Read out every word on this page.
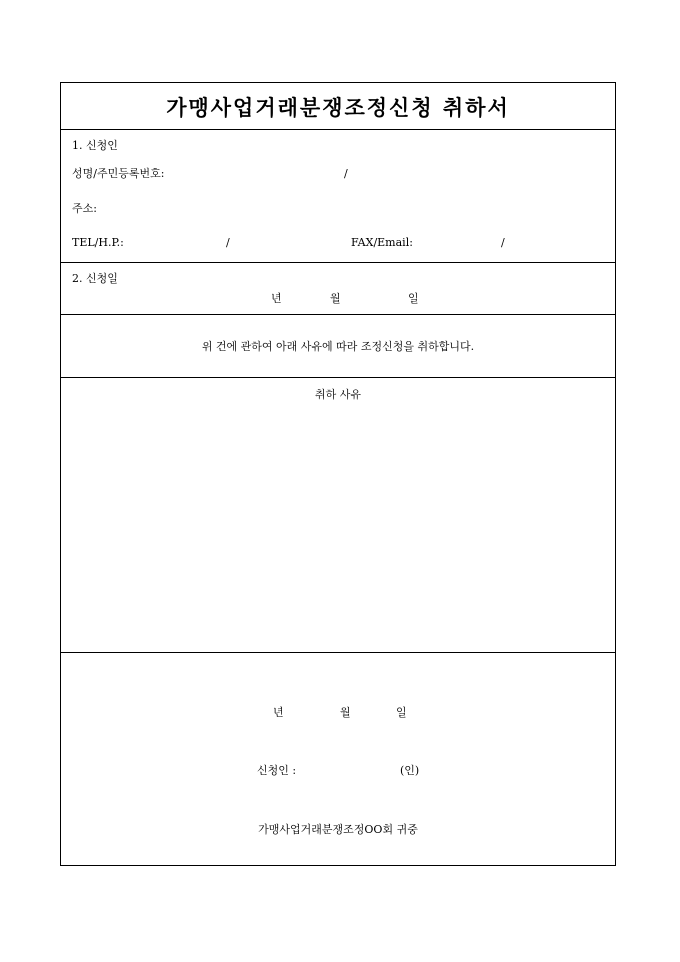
가맹사업거래분쟁조정신청 취하서
1. 신청인
성명/주민등록번호:	/
주소:
TEL/H.P.:	/	FAX/Email:	/
2. 신청일
년	월	일
위 건에 관하여 아래 사유에 따라 조정신청을 취하합니다.
취하 사유
년	월	일
신청인 :	(인)
가맹사업거래분쟁조정OO회 귀중
